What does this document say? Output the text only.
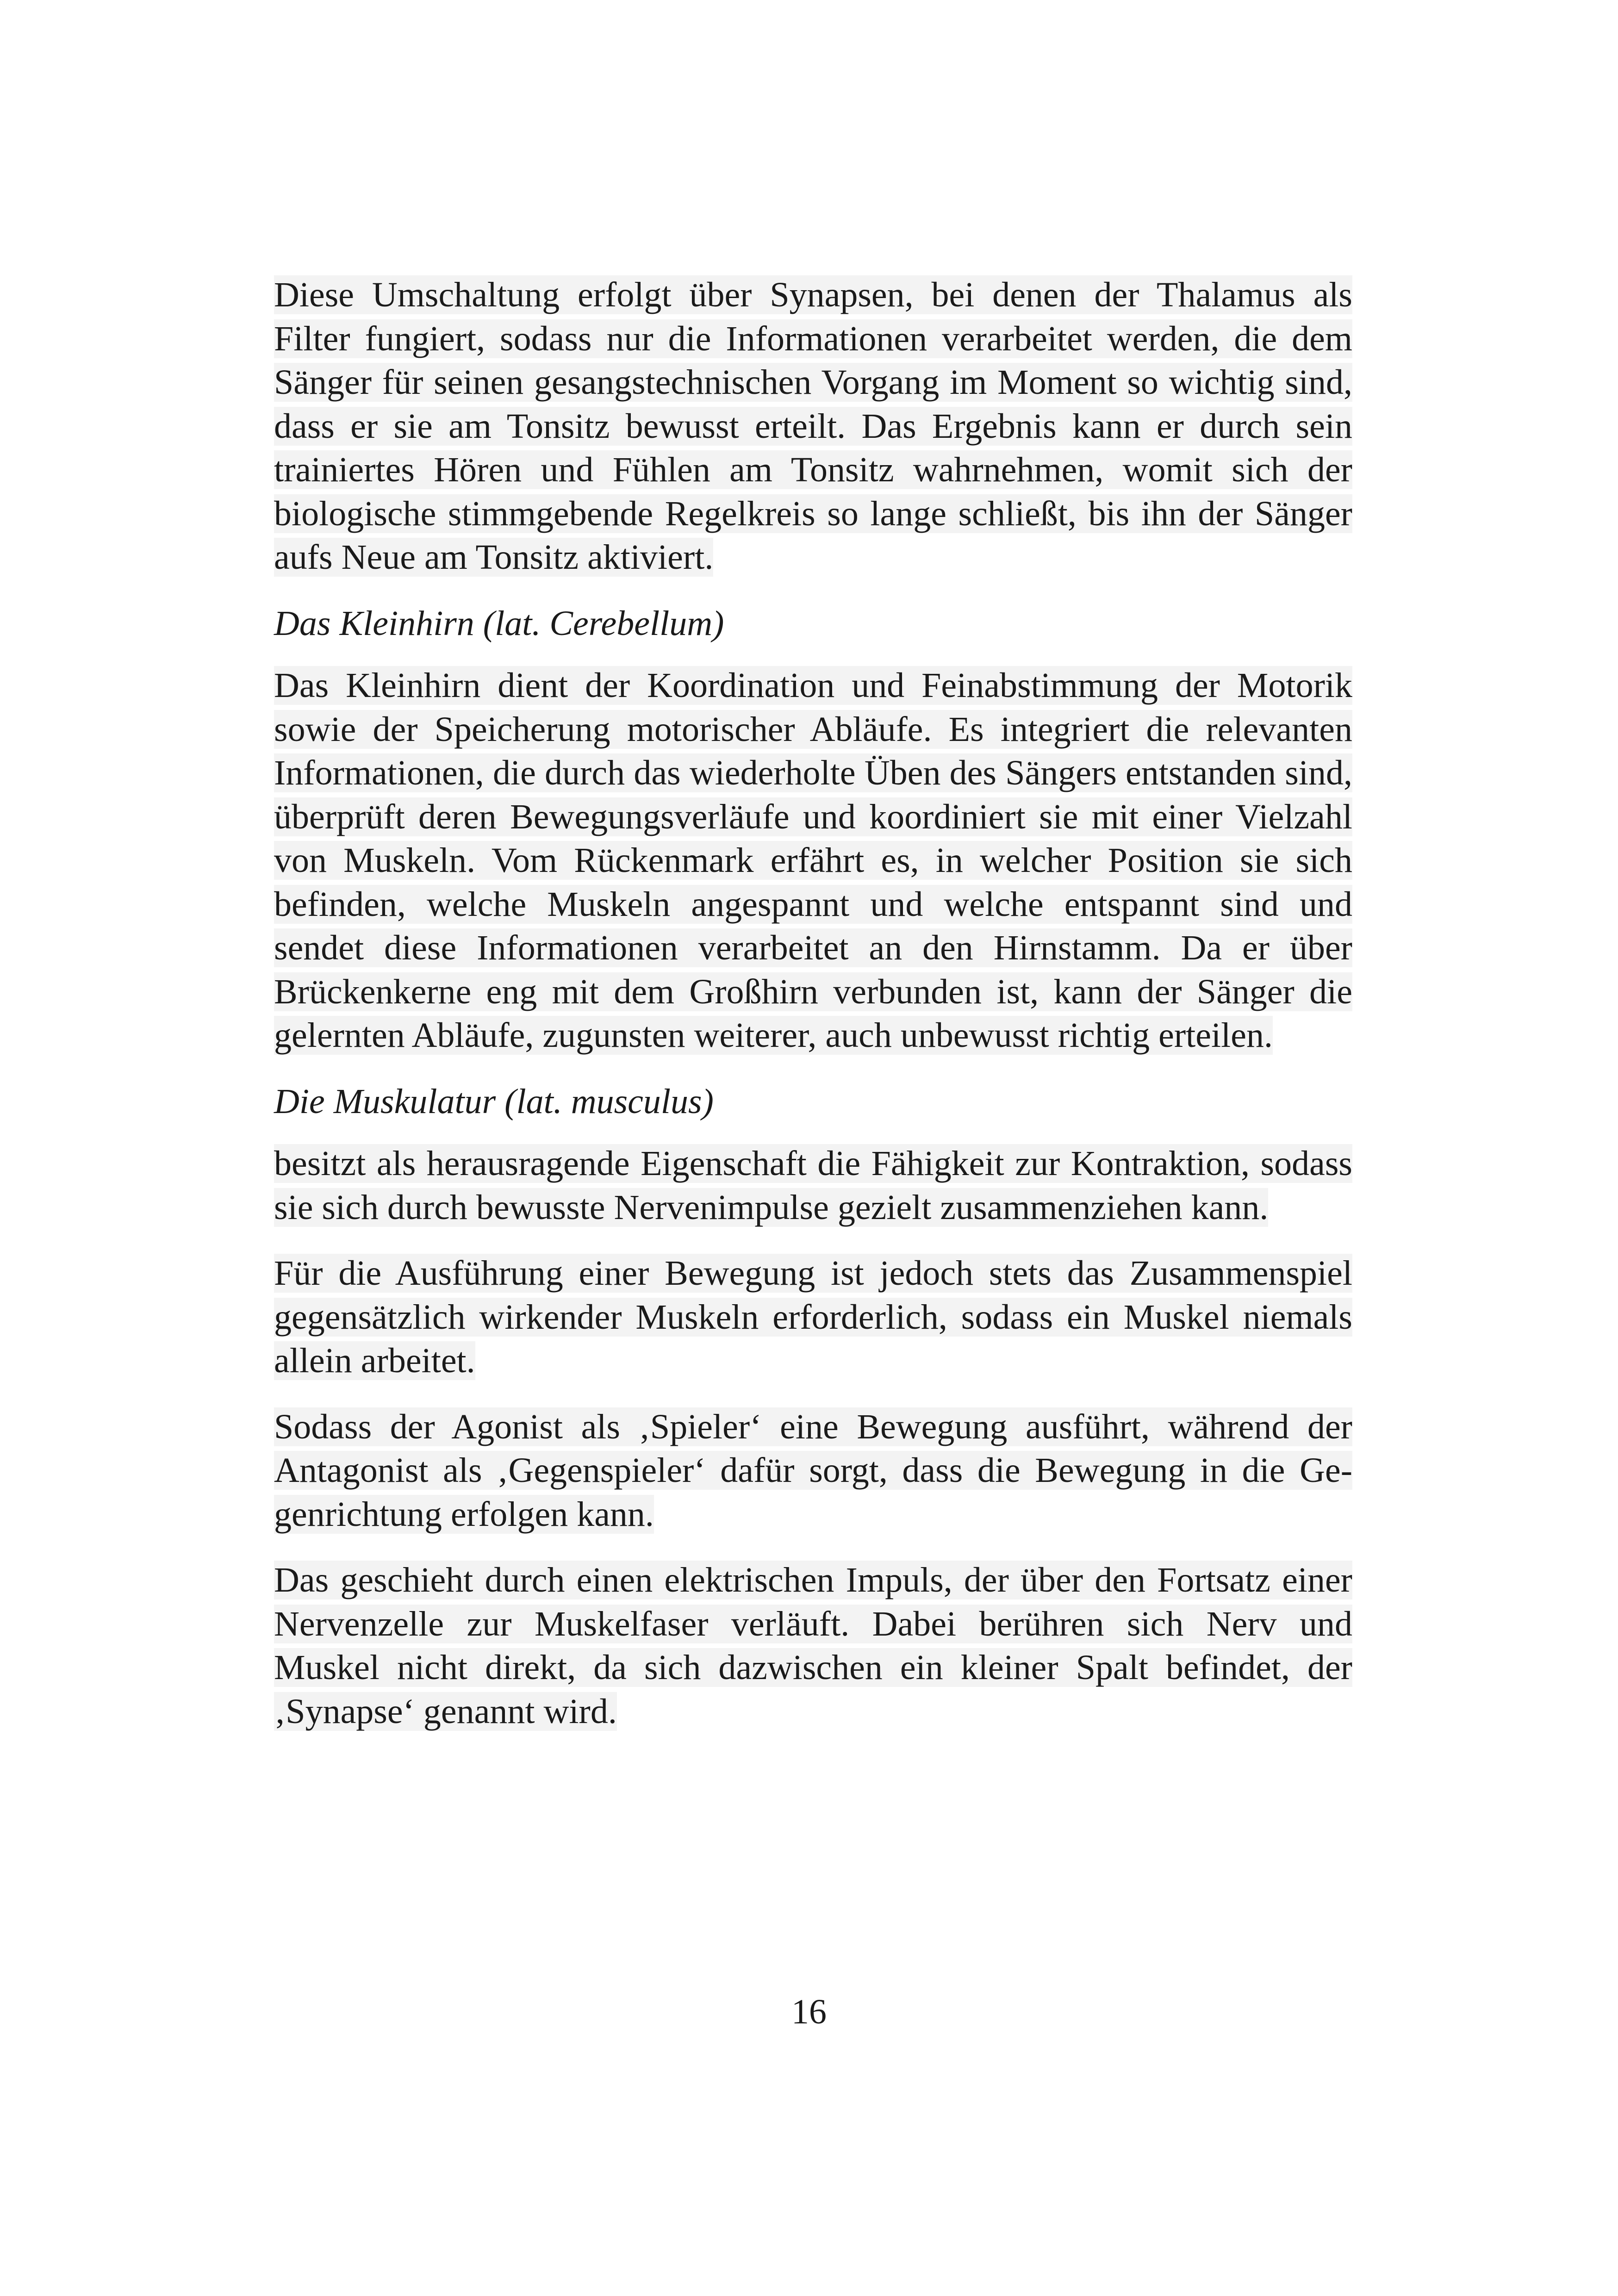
Diese Umschaltung erfolgt über Synapsen, bei denen der Thalamus als Filter fungiert, sodass nur die Informationen verarbeitet werden, die dem Sänger für seinen gesangstechnischen Vorgang im Moment so wichtig sind, dass er sie am Tonsitz bewusst erteilt. Das Ergebnis kann er durch sein trainiertes Hören und Fühlen am Tonsitz wahrnehmen, womit sich der biologische stimmgebende Regelkreis so lange schließt, bis ihn der Sänger aufs Neue am Tonsitz aktiviert.

Das Kleinhirn (lat. Cerebellum)

Das Kleinhirn dient der Koordination und Feinabstimmung der Motorik sowie der Speicherung motorischer Abläufe. Es integriert die relevanten Informationen, die durch das wiederholte Üben des Sängers entstanden sind, überprüft deren Bewegungsverläufe und koordiniert sie mit einer Vielzahl von Muskeln. Vom Rückenmark erfährt es, in welcher Position sie sich befinden, welche Muskeln angespannt und welche entspannt sind und sendet diese Informationen verarbeitet an den Hirnstamm. Da er über Brückenkerne eng mit dem Großhirn verbunden ist, kann der Sänger die gelernten Abläufe, zugunsten weiterer, auch unbewusst richtig erteilen.

Die Muskulatur (lat. musculus)

besitzt als herausragende Eigenschaft die Fähigkeit zur Kontraktion, sodass sie sich durch bewusste Nervenimpulse gezielt zusammenziehen kann.

Für die Ausführung einer Bewegung ist jedoch stets das Zusammenspiel gegensätzlich wirkender Muskeln erforderlich, sodass ein Muskel niemals allein arbeitet.

Sodass der Agonist als ‚Spieler‘ eine Bewegung ausführt, während der Antagonist als ‚Gegenspieler‘ dafür sorgt, dass die Bewegung in die Gegenrichtung erfolgen kann.

Das geschieht durch einen elektrischen Impuls, der über den Fortsatz einer Nervenzelle zur Muskelfaser verläuft. Dabei berühren sich Nerv und Muskel nicht direkt, da sich dazwischen ein kleiner Spalt befindet, der ‚Synapse‘ genannt wird.

16
